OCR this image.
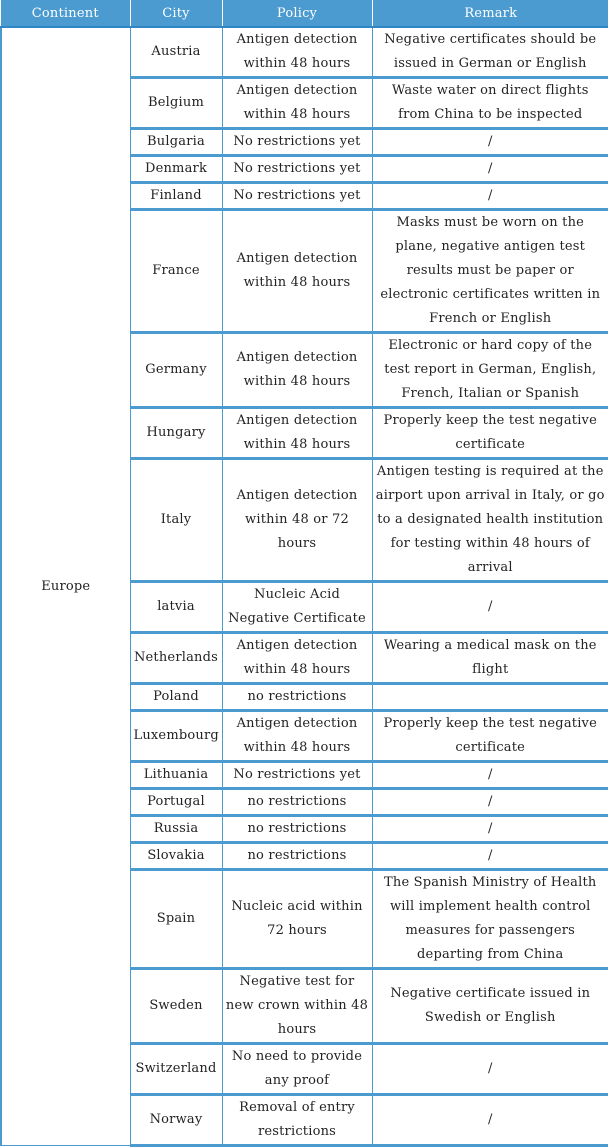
Continent	City	Policy	Remark
Europe	Austria	Antigen detection within 48 hours	Negative certificates should be issued in German or English
	Belgium	Antigen detection within 48 hours	Waste water on direct flights from China to be inspected
	Bulgaria	No restrictions yet	/
	Denmark	No restrictions yet	/
	Finland	No restrictions yet	/
	France	Antigen detection within 48 hours	Masks must be worn on the plane, negative antigen test results must be paper or electronic certificates written in French or English
	Germany	Antigen detection within 48 hours	Electronic or hard copy of the test report in German, English, French, Italian or Spanish
	Hungary	Antigen detection within 48 hours	Properly keep the test negative certificate
	Italy	Antigen detection within 48 or 72 hours	Antigen testing is required at the airport upon arrival in Italy, or go to a designated health institution for testing within 48 hours of arrival
	latvia	Nucleic Acid Negative Certificate	/
	Netherlands	Antigen detection within 48 hours	Wearing a medical mask on the flight
	Poland	no restrictions	
	Luxembourg	Antigen detection within 48 hours	Properly keep the test negative certificate
	Lithuania	No restrictions yet	/
	Portugal	no restrictions	/
	Russia	no restrictions	/
	Slovakia	no restrictions	/
	Spain	Nucleic acid within 72 hours	The Spanish Ministry of Health will implement health control measures for passengers departing from China
	Sweden	Negative test for new crown within 48 hours	Negative certificate issued in Swedish or English
	Switzerland	No need to provide any proof	/
	Norway	Removal of entry restrictions	/
